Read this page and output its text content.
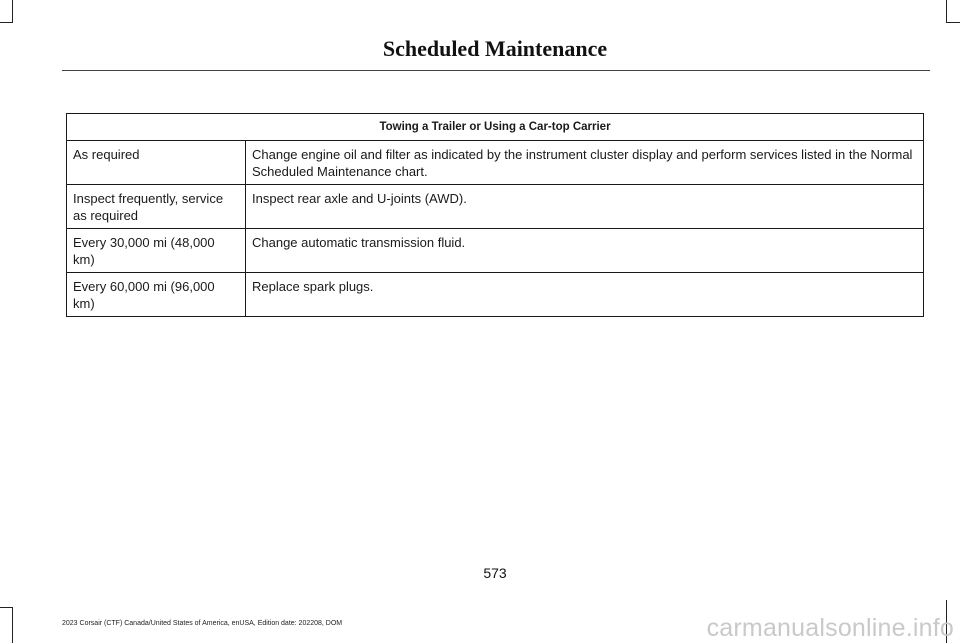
Scheduled Maintenance
Towing a Trailer or Using a Car-top Carrier	
As required	Change engine oil and filter as indicated by the instrument cluster display and perform services listed in the Normal Scheduled Maintenance chart.
Inspect frequently, service as required	Inspect rear axle and U-joints (AWD).
Every 30,000 mi (48,000 km)	Change automatic transmission fluid.
Every 60,000 mi (96,000 km)	Replace spark plugs.
573
2023 Corsair (CTF) Canada/United States of America, enUSA, Edition date: 202208, DOM	carmanualsonline.info
